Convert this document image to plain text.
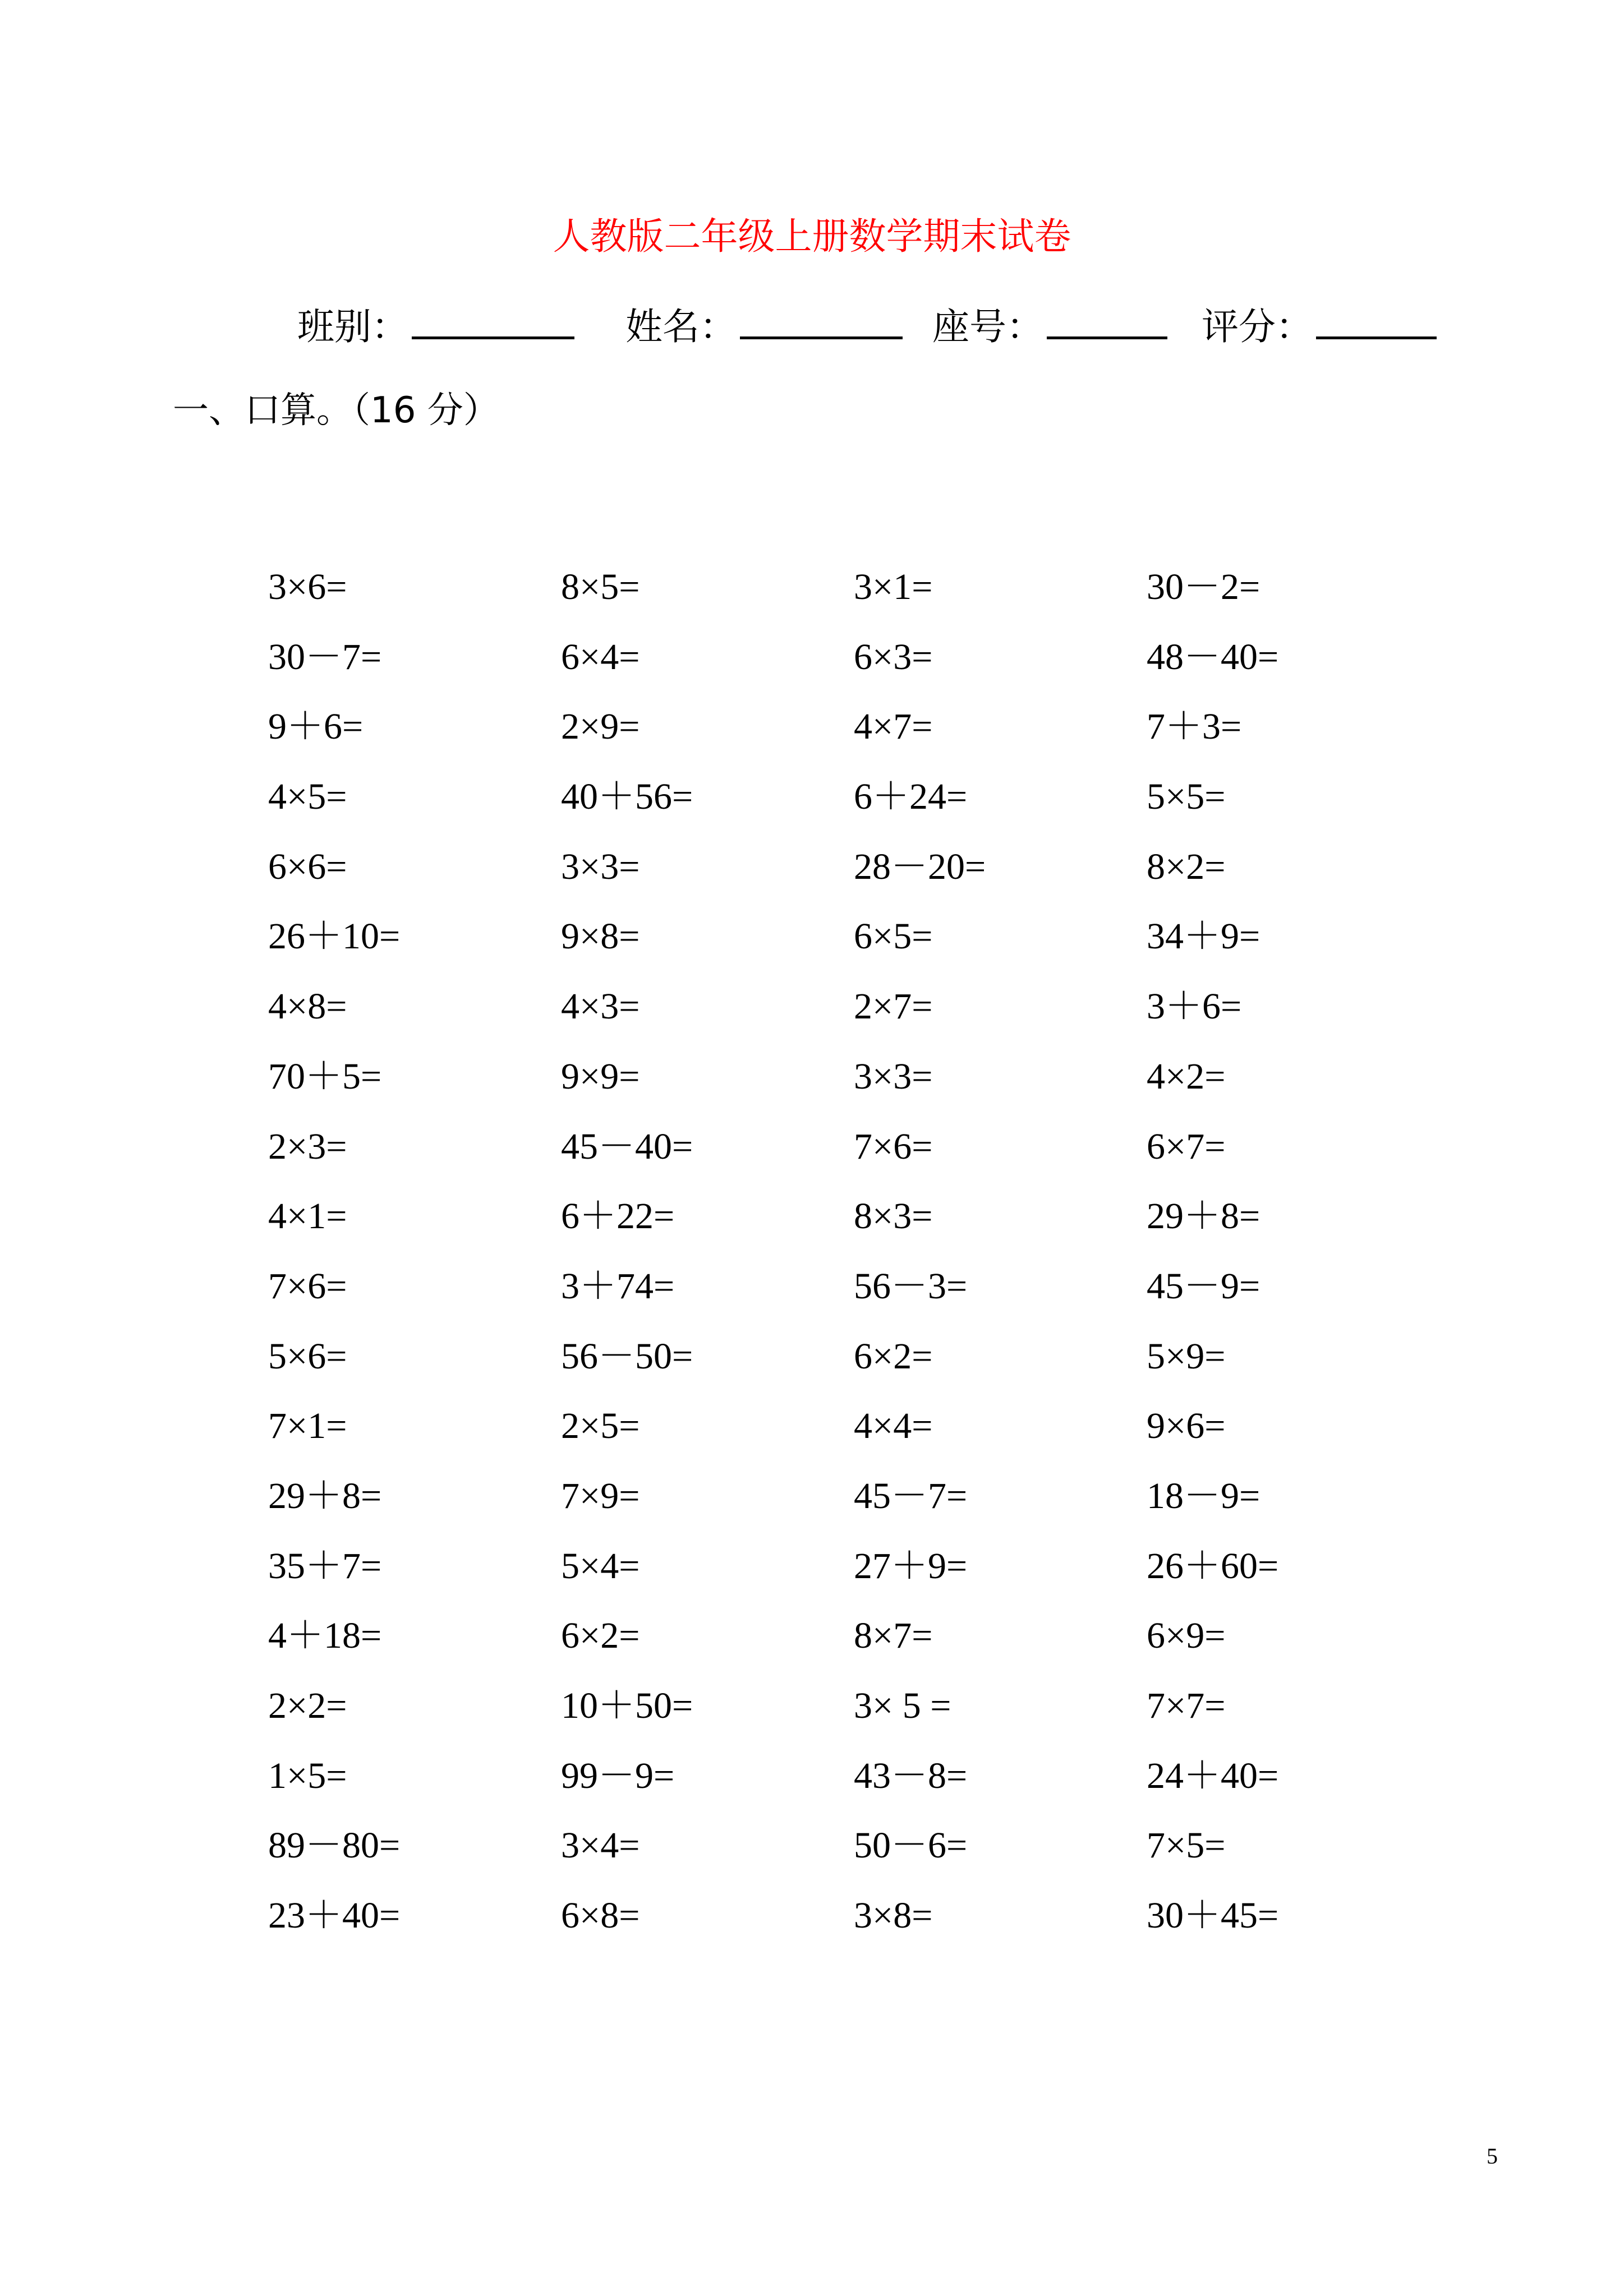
人教版二年级上册数学期末试卷
班别：	姓名：	座号：	评分：
一、口算。（16 分）
3×6=	8×5=	3×1=	30－2=
30－7=	6×4=	6×3=	48－40=
9＋6=	2×9=	4×7=	7＋3=
4×5=	40＋56=	6＋24=	5×5=
6×6=	3×3=	28－20=	8×2=
26＋10=	9×8=	6×5=	34＋9=
4×8=	4×3=	2×7=	3＋6=
70＋5=	9×9=	3×3=	4×2=
2×3=	45－40=	7×6=	6×7=
4×1=	6＋22=	8×3=	29＋8=
7×6=	3＋74=	56－3=	45－9=
5×6=	56－50=	6×2=	5×9=
7×1=	2×5=	4×4=	9×6=
29＋8=	7×9=	45－7=	18－9=
35＋7=	5×4=	27＋9=	26＋60=
4＋18=	6×2=	8×7=	6×9=
2×2=	10＋50=	3× 5 =	7×7=
1×5=	99－9=	43－8=	24＋40=
89－80=	3×4=	50－6=	7×5=
23＋40=	6×8=	3×8=	30＋45=
5
